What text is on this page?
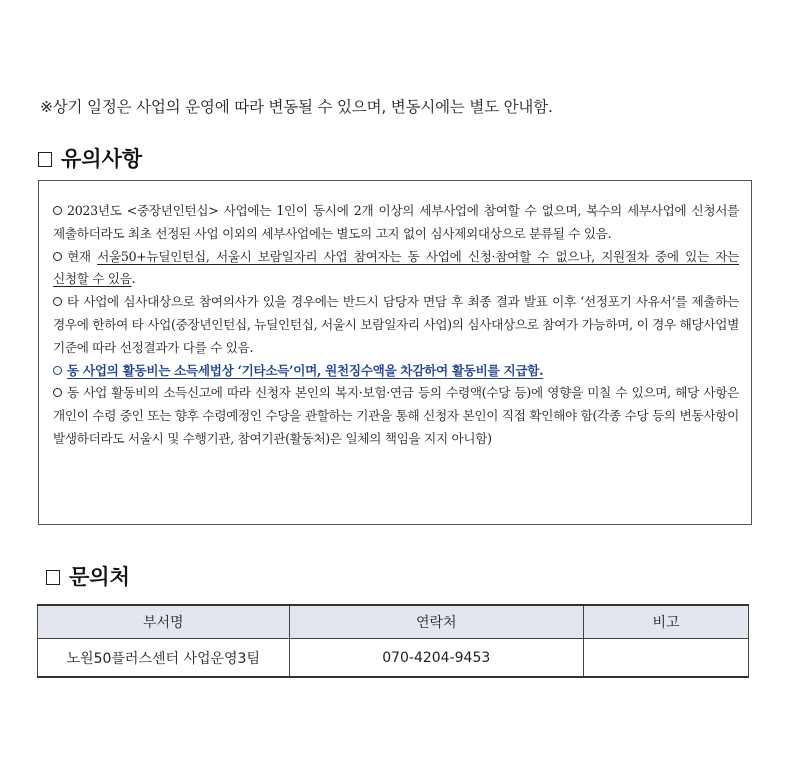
※상기 일정은 사업의 운영에 따라 변동될 수 있으며, 변동시에는 별도 안내함.
유의사항
2023년도 <중장년인턴십> 사업에는 1인이 동시에 2개 이상의 세부사업에 참여할 수 없으며, 복수의 세부사업에 신청서를 제출하더라도 최초 선정된 사업 이외의 세부사업에는 별도의 고지 없이 심사제외대상으로 분류될 수 있음.
현재 서울50+뉴딜인턴십, 서울시 보람일자리 사업 참여자는 동 사업에 신청·참여할 수 없으나, 지원절차 중에 있는 자는 신청할 수 있음.
타 사업에 심사대상으로 참여의사가 있을 경우에는 반드시 담당자 면담 후 최종 결과 발표 이후 ‘선정포기 사유서’를 제출하는 경우에 한하여 타 사업(중장년인턴십, 뉴딜인턴십, 서울시 보람일자리 사업)의 심사대상으로 참여가 가능하며, 이 경우 해당사업별 기준에 따라 선정결과가 다를 수 있음.
동 사업의 활동비는 소득세법상 ‘기타소득’이며, 원천징수액을 차감하여 활동비를 지급함.
동 사업 활동비의 소득신고에 따라 신청자 본인의 복지·보험·연금 등의 수령액(수당 등)에 영향을 미칠 수 있으며, 해당 사항은 개인이 수령 중인 또는 향후 수령예정인 수당을 관할하는 기관을 통해 신청자 본인이 직접 확인해야 함(각종 수당 등의 변동사항이 발생하더라도 서울시 및 수행기관, 참여기관(활동처)은 일체의 책임을 지지 아니함)
문의처
부서명	연락처	비고
노원50플러스센터 사업운영3팀	070-4204-9453	
